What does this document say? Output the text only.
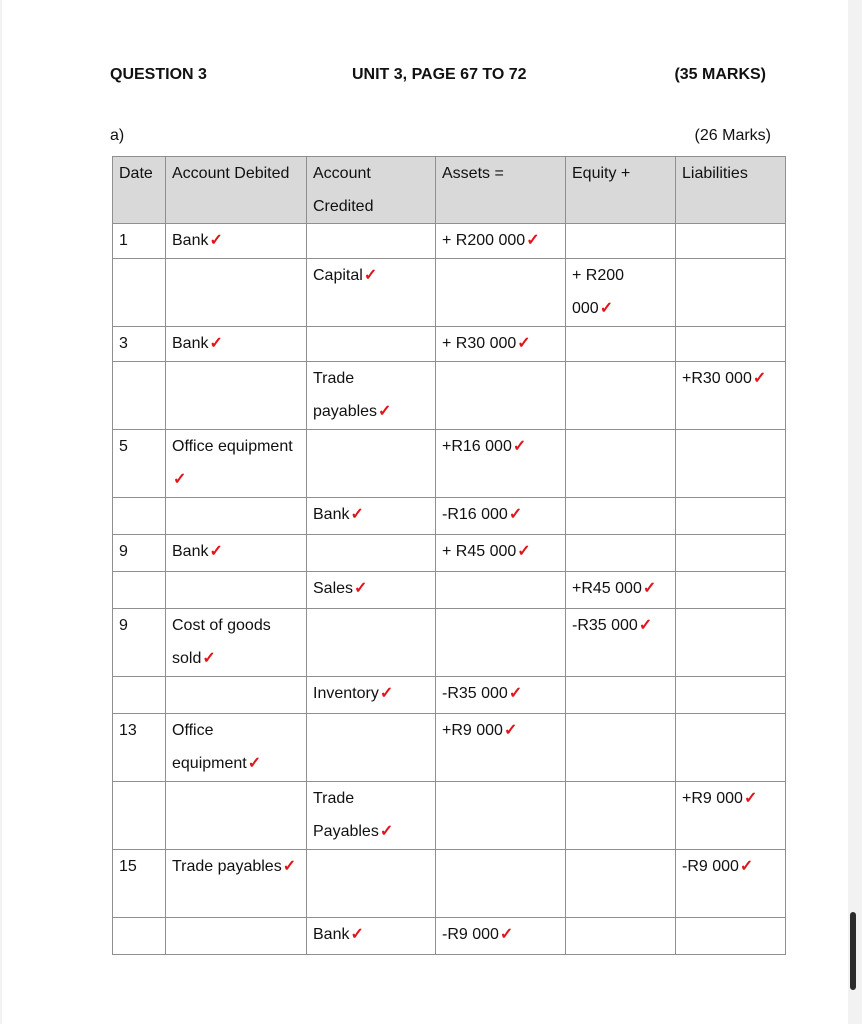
QUESTION 3	UNIT 3, PAGE 67 TO 72	(35 MARKS)
a)	(26 Marks)
Date	Account Debited	Account Credited	Assets =	Equity +	Liabilities
1	Bank✓		+ R200 000✓		
		Capital✓		+ R200 000✓	
3	Bank✓		+ R30 000✓		
		Trade payables✓			+R30 000✓
5	Office equipment ✓		+R16 000✓		
		Bank✓	-R16 000✓		
9	Bank✓		+ R45 000✓		
		Sales✓		+R45 000✓	
9	Cost of goods sold✓			-R35 000✓	
		Inventory✓	-R35 000✓		
13	Office equipment✓		+R9 000✓		
		Trade Payables✓			+R9 000✓
15	Trade payables✓				-R9 000✓
		Bank✓	-R9 000✓		
